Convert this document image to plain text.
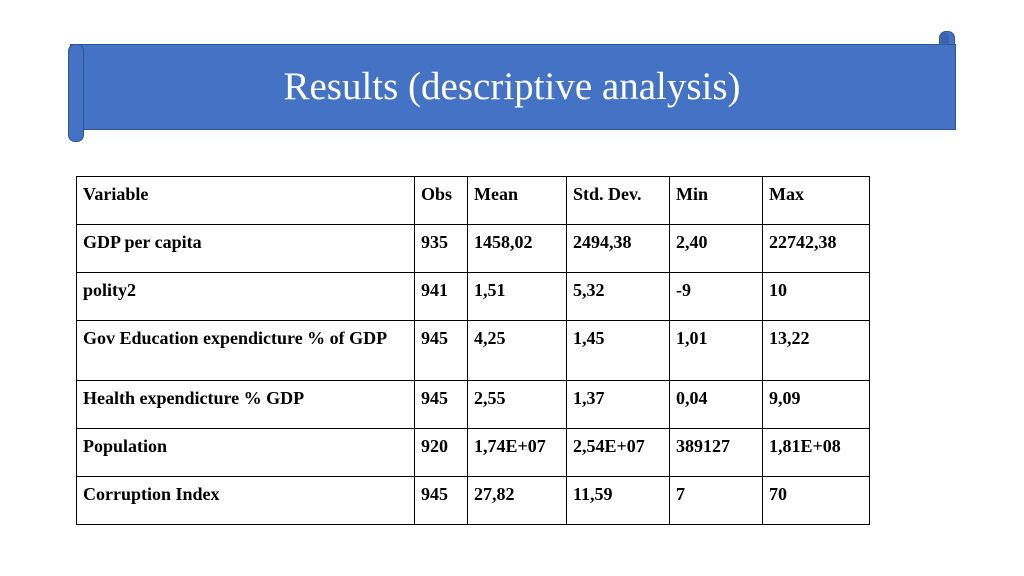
Results (descriptive analysis)
Variable	Obs	Mean	Std. Dev.	Min	Max
GDP per capita	935	1458,02	2494,38	2,40	22742,38
polity2	941	1,51	5,32	-9	10
Gov Education expendicture % of GDP	945	4,25	1,45	1,01	13,22
Health expendicture % GDP	945	2,55	1,37	0,04	9,09
Population	920	1,74E+07	2,54E+07	389127	1,81E+08
Corruption Index	945	27,82	11,59	7	70
